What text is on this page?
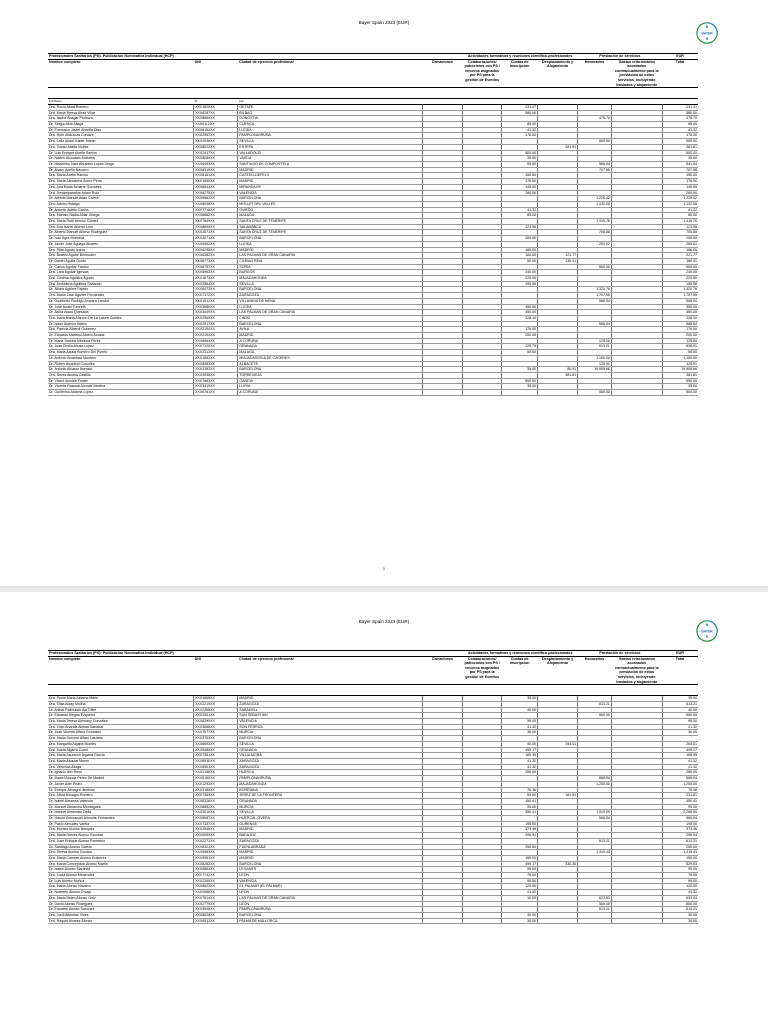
Bayer Spain 2023 (EUR)
B
BAYER
R
Profesionales Sanitarios (PS): Publicación Nominativa Individual (HCP)				Actividades formativas y reuniones científico-profesionales			Prestación de servicios		EUR
Nombre completo	DNI	Ciudad de ejercicio profesional	Donaciones	Colaboraciones/ patrocinios con PS / terceros asignados por PS para la gestión de Eventos	Cuotas de inscripción	Desplazamiento y Alojamiento	Honorarios	Gastos relacionados acordados contractualmente para la prestación de estos servicios, incluyendo traslados y alojamiento	Total

Full Name	ID	City							
Dra. Rocio Abad Romero	XXX1620XX	GETAFE			231.47				231.47
Dra. Maria Teresa Abad Villar	XXX8287XX	BILBAO			580.00				580.00
Dra. Itache Abagar Pedroza	XXX8664XX	DONOSTIA					475.70		475.70
Dr. Sergio Abia Aliaga	XXX0112XX	CUENCA			85.00				85.00
Dr. Francisco Javier Abarilla Dias	XXX6154XX	LLEIDA			41.32				41.32
Dra. Ruth Abarzuza Cortaire	XXX2957XX	PAMPLONA/IRUÑA			176.00				176.00
Dra. Laila Abdel-Kader Martin	XXX2036XX	SEVILLA					600.00		600.00
Dra. Yoban Abella Nuñez	XXX8022XX	ESTEPA				381.81			381.81
Dr. Luis Enrique Abella Santos	XXX2417XX	VALLADOLID			500.00				500.00
Dr. Naden Aboudain Mollaies	XXX8084XX	VAKDA			35.00				35.00
Dr. Maximino Jose Abraldes Lopez-Veiga	XXX6493XX	SANTIAGO DE COMPOSTELA			95.00		566.04		641.04
Dr. Alvaro Acella Navarro	XXX8319XX	MADRID					707.55		707.55
Dra. Maria Acelis Ramos	XXX6161XX	CASTELLDEFELS			150.00				150.00
Dra. Maria Almudena Acero Pena	XXX1850XX	MADRID			176.00				176.00
Dra. Ana Maria Acharte Gonzales	XXX6543XX	MIRANDAOS			145.00				145.00
Dra. Desamparados Adam Ruiz	XXX6275XX	VALENCIA			280.00				280.00
Dr. Alfredo Manuel Adan Civera	XXX6562XX	BARCELONA					1,226.42		1,226.42
Dra. Adorsi Hidalgo	XXX6038XX	MOLLET DEL VALLES					1,132.08		1,132.08
Dr. Antonio Adelio Garcia	XXX7716XX	OVIEDO			41.32				41.32
Dra. Mariam Nadia Afilar Ortega	XXX8662XX	MALAGA			85.00				85.00
Dra. Maria Ruth Afonso Gomez	XXX7649XX	SANTA CRUZ DE TENERIFE					1,415.76		1,415.76
Dra. Ana Isabel Afonso Lum	XXX8694XX	SALAMANCA			123.96				123.96
Dr. Alberto Manuel Afonso Rodriguez	XXX2071XX	SANTA CRUZ DE TENERIFE					705.88		705.88
Dr. Ivan Agra Montava	XXX2071XX	BARCELONA			200.00				200.00
Dr. Javier Jose Aguayo Alvarez	XXX6302XX	LLEIDA					283.02		283.02
Dra. Pilar Agudo Izarra	XXX6298XX	MADRID			186.00				186.00
Dra. Beatriz Aguiar Bermudez	XXX6382XX	LAS PALMAS DE GRAN CANARIA			100.00	121.77			221.77
Dr. Daniel Aguila Gordo	XXX6773XX	CIUDAD REAL			50.00	130.41			180.41
Dr. Carlos Aguilar Franco	XXX6757XX	SORIA					500.00		500.00
Dra. Lara Aguilar Iglesias	XXX6963XX	BURGOS			240.00				240.00
Dra. Cristina Aguilera Agudo	XXX1673XX	MAJADAHONDA			225.00				225.00
Dra. Almudena Aguilera Sabando	XXX2564XX	SEVILLA			195.96				195.96
Dr. Alfons Aguirre Fajedo	XXX8473XX	BARCELONA					1,320.76		1,320.76
Dra. Maria Jose Aguirre Fernandez	XXX7172XX	ZARAGOZA					1,707.55		1,707.55
Dr. Gualberto Rodrigo Ampara Lanche	XXX1912XX	VILLAVANA DE MENA					566.04		566.04
Dr. Jose Anabi Gebreth	XXX3980XX	LLEIDA			350.00				350.00
Dr. Asiha Alaou Quesada	XXX3449XX	LAS PALMAS DE GRAN CANARIA			450.00				450.00
Dra. Inara Maria Alarcon De La Lastra Cubiles	XXX2969XX	CADIZ			228.10				228.10
Dr. Isaac Alarcon Valero	XXX2917XX	BARCELONA					566.04		566.04
Dra. Patricia Alberdi Gutierrez	XXX2154XX	AVILA			176.00				176.00
Dr. Eduardo Mariano Albero Acosta	XXX2154XX	MADRID			200.00				200.00
Dr. Maria Sandra Albeluca Perez	XXX8964XX	A CORUÑA					125.00		125.00
Dr. Juan Emilio Alcala Lopez	XXX7120XX	GRANADA			225.70		613.21		838.91
Dra. Maria Alzaia Romero Del Puerto	XXX2313XX	MALAGA			50.00				50.00
Dr. Antonio Alcantara Montero	XXX1582XX	MIAJADAS/ISLA DE CACERES					1,100.00		1,100.00
Dr. Ruben Alcantud Corcoles	XXX8983XX	ALBACETE					125.91		125.91
Dr. Antonio Alcaraz Asensio	XXX3153XX	BARCELONA			35.00	80.91	19,905.66		19,905.66
Dra. Nerea Alcoba Castillo	XXX3938XX	TORREVIEJA				381.81			381.81
Dr. Vicent Alcolea Fuster	XXX7883XX	GANDIA			550.00				550.00
Dr. Vicente Pascual Alcover Medina	XXX3419XX	LLIRIA			35.00				35.00
Dr. Guillermo Aldama Lopez	XXX6761XX	A CORUÑA					500.00		500.00
1
Bayer Spain 2023 (EUR)
B
BAYER
R
Profesionales Sanitarios (PS): Publicación Nominativa Individual (HCP)				Actividades formativas y reuniones científico-profesionales			Prestación de servicios		EUR
Nombre completo	DNI	Ciudad de ejercicio profesional	Donaciones	Colaboraciones/ patrocinios con PS / terceros asignados por PS para la gestión de Eventos	Cuotas de inscripción	Desplazamiento y Alojamiento	Honorarios	Gastos relacionados acordados contractualmente para la prestación de estos servicios, incluyendo traslados y alojamiento	Total

Dra. Paula Maria Aldama Marin	XXX1665XX	MADRID			35.00				35.00
Dra. Elisa Alday Molina	XXX2219XX	ZARAGOZA					613.21		613.21
Dr. Anibal Raimundo Ale Diliet	XXX2265XX	SABADELL			40.00				40.00
Dr. Eduardo Alegria Ezquerra	XXX2001XX	SAN SEBASTIAN					500.00		500.00
Dra. Maria Teresa Alemany Gonzalez	XXX8299XX	VALENCIA			95.00				95.00
Dra. Yoko Ananda Alellan Sababat	XXX3066XX	SON FERRIOL			41.32				41.32
Dr. Juan Vicente Alfaro Gonzalez	XXX7577XX	MURCIA			30.00				30.00
Dra. Maria Socorro Alfaro Lasheta	XXX3704XX	BARCELONA							
Dra. Margarita Algaba Montes	XXX6693XX	SEVILLA			40.00	264.01			264.01
Dra. Maria Algarra Culell	XXX5480XX	GRANADA			499.17				499.17
Dra. Maria Asuncion Algarra Garcia	XXX7381XX	VILLALMONA			165.39				165.39
Dra. Maria Alcazar Mumo	XXX6930XX	ZARAGOZA			41.32				41.32
Dra. Veronica Aliaga	XXX6901XX	ZARAGOZA			41.32				41.32
Dr. Ignacio Alin Romi	XXX2156XX	HUESCA			280.00				280.00
Dr. Daniel Alonda Perez De Madrid	XXX5160XX	PAMPLONA/IRUÑA					566.04		566.04
Dr. Javier Alier Pedro	XXX1293XX	MAJADAHONDA					1,200.00		1,200.00
Dr. Enrique Almagro Jimenez	XXX3180XX	BORRIANA			76.36				76.36
Dra. Alicia Almagro Romero	XXX7369XX	JEREZ DE LA FRONTERA			50.00	161.81			231.81
Dr. Isabel Almansa Valencia	XXX6326XX	GRANADA			450.41				450.41
Dr. Manuel Almarcha Menargues	XXX8852XX	MURCIA			95.00				95.00
Dr. Manuel Almendro Delia	XXX3010XX	SEVILLA			350.41		1,915.09		2,265.50
Dr. Harold Emmanuel Almonte Fernandes	XXX6087XX	HUERCAL-OVERA					566.04		566.04
Dr. Pablo Almudes Varela	XXX7337XX	OURENSE			195.00				195.00
Dra. Monica Alonso Bosquez	XXX2546XX	MADRID			373.46				373.46
Dra. Maria Nieves Alonso Escobar	XXX0099XX	BADAJOZ			296.94				296.94
Dra. Jose Enrique Alonso Formento	XXX2271XX	ZARAGOZA					613.21		613.21
Dr. Santiago Alonso Garcia	XXX6321XX	FUENLABRADA			250.00				250.00
Dra. Teresa Alonso Gordoa	XXX5953XX	MADRID					1,415.43		1,415.43
Dra. Maria Carmen Alonso Gutierrez	XXX9951XX	MADRID			150.00				150.00
Dra. Maria Concepcion Alonso Martin	XXX8262XX	BARCELONA			499.17	330.36			829.53
Dr. Isabel Alonso Martinez	XXX5564XX	LEGANES			95.00				95.00
Dra. Lucia Alonso Menendez	XXX7742XX	LEON			78.00				78.00
Dr. Luis Alonso Muñoz	XXX2269XX	VALENCIA			95.00				95.00
Dra. Maria Alonso Navarro	XXX8623XX	EL PALMAR (EL PALMAR)			120.00				120.00
Dr. Norberto Alonso Orcajo	XXX2066XX	LEON			41.32				41.32
Dra. Maria Belen Alonso Ortiz	XXX7514XX	LAS PALMAS DE GRAN CANARIA			10.00		623.53		633.53
Dr. David Alonso Rodriguez	XXX2779XX	LEON					500.00		500.00
Dr. Eduarne Alonso Sanchez	XXX3948XX	PAMPLONA/IRUÑA					613.21		613.21
Dra. Jordi Altimiras Vives	XXX8628XX	BARCELONA			30.00				30.00
Dra. Raquel Alvarez Alonso	XXX6513XX	PALMA DE MALLORCA			30.00				30.00
